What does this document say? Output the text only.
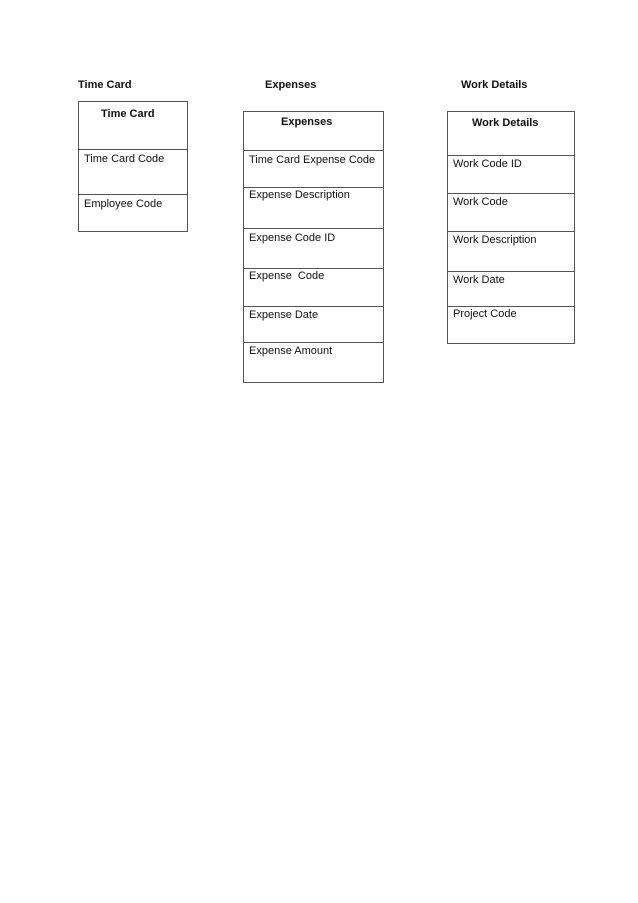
Time Card	Expenses	Work Details
Time Card
Time Card Code
Employee Code
Expenses
Time Card Expense Code
Expense Description
Expense Code ID
Expense  Code
Expense Date
Expense Amount
Work Details
Work Code ID
Work Code
Work Description
Work Date
Project Code
